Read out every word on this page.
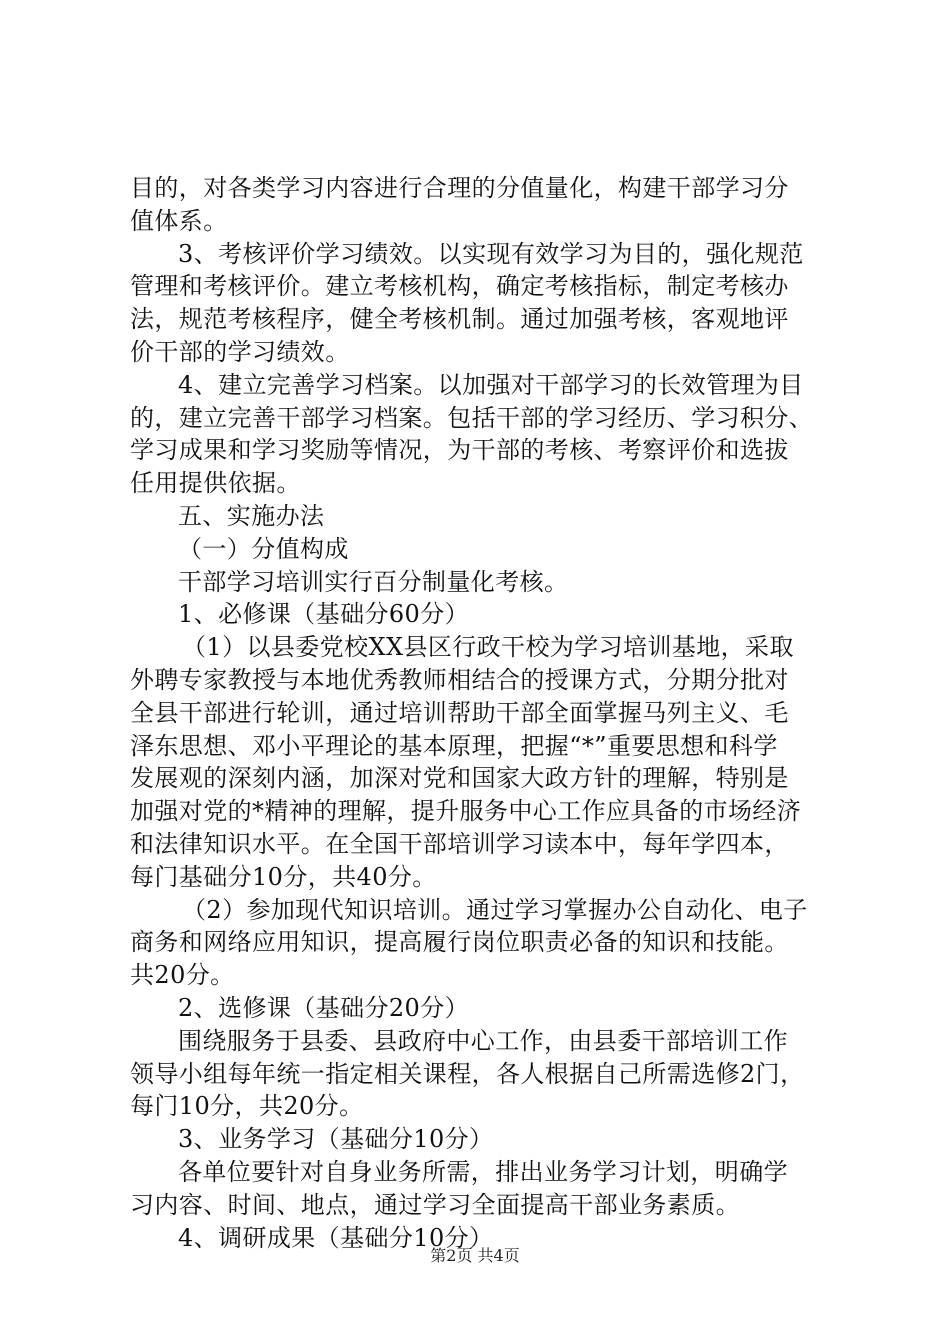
目的，对各类学习内容进行合理的分值量化，构建干部学习分
值体系。
3、考核评价学习绩效。以实现有效学习为目的，强化规范
管理和考核评价。建立考核机构，确定考核指标，制定考核办
法，规范考核程序，健全考核机制。通过加强考核，客观地评
价干部的学习绩效。
4、建立完善学习档案。以加强对干部学习的长效管理为目
的，建立完善干部学习档案。包括干部的学习经历、学习积分、
学习成果和学习奖励等情况，为干部的考核、考察评价和选拔
任用提供依据。
五、实施办法
（一）分值构成
干部学习培训实行百分制量化考核。
1、必修课（基础分60分）
（1）以县委党校XX县区行政干校为学习培训基地，采取
外聘专家教授与本地优秀教师相结合的授课方式，分期分批对
全县干部进行轮训，通过培训帮助干部全面掌握马列主义、毛
泽东思想、邓小平理论的基本原理，把握“*”重要思想和科学
发展观的深刻内涵，加深对党和国家大政方针的理解，特别是
加强对党的*精神的理解，提升服务中心工作应具备的市场经济
和法律知识水平。在全国干部培训学习读本中，每年学四本，
每门基础分10分，共40分。
（2）参加现代知识培训。通过学习掌握办公自动化、电子
商务和网络应用知识，提高履行岗位职责必备的知识和技能。
共20分。
2、选修课（基础分20分）
围绕服务于县委、县政府中心工作，由县委干部培训工作
领导小组每年统一指定相关课程，各人根据自己所需选修2门，
每门10分，共20分。
3、业务学习（基础分10分）
各单位要针对自身业务所需，排出业务学习计划，明确学
习内容、时间、地点，通过学习全面提高干部业务素质。
4、调研成果（基础分10分）
第2页 共4页
